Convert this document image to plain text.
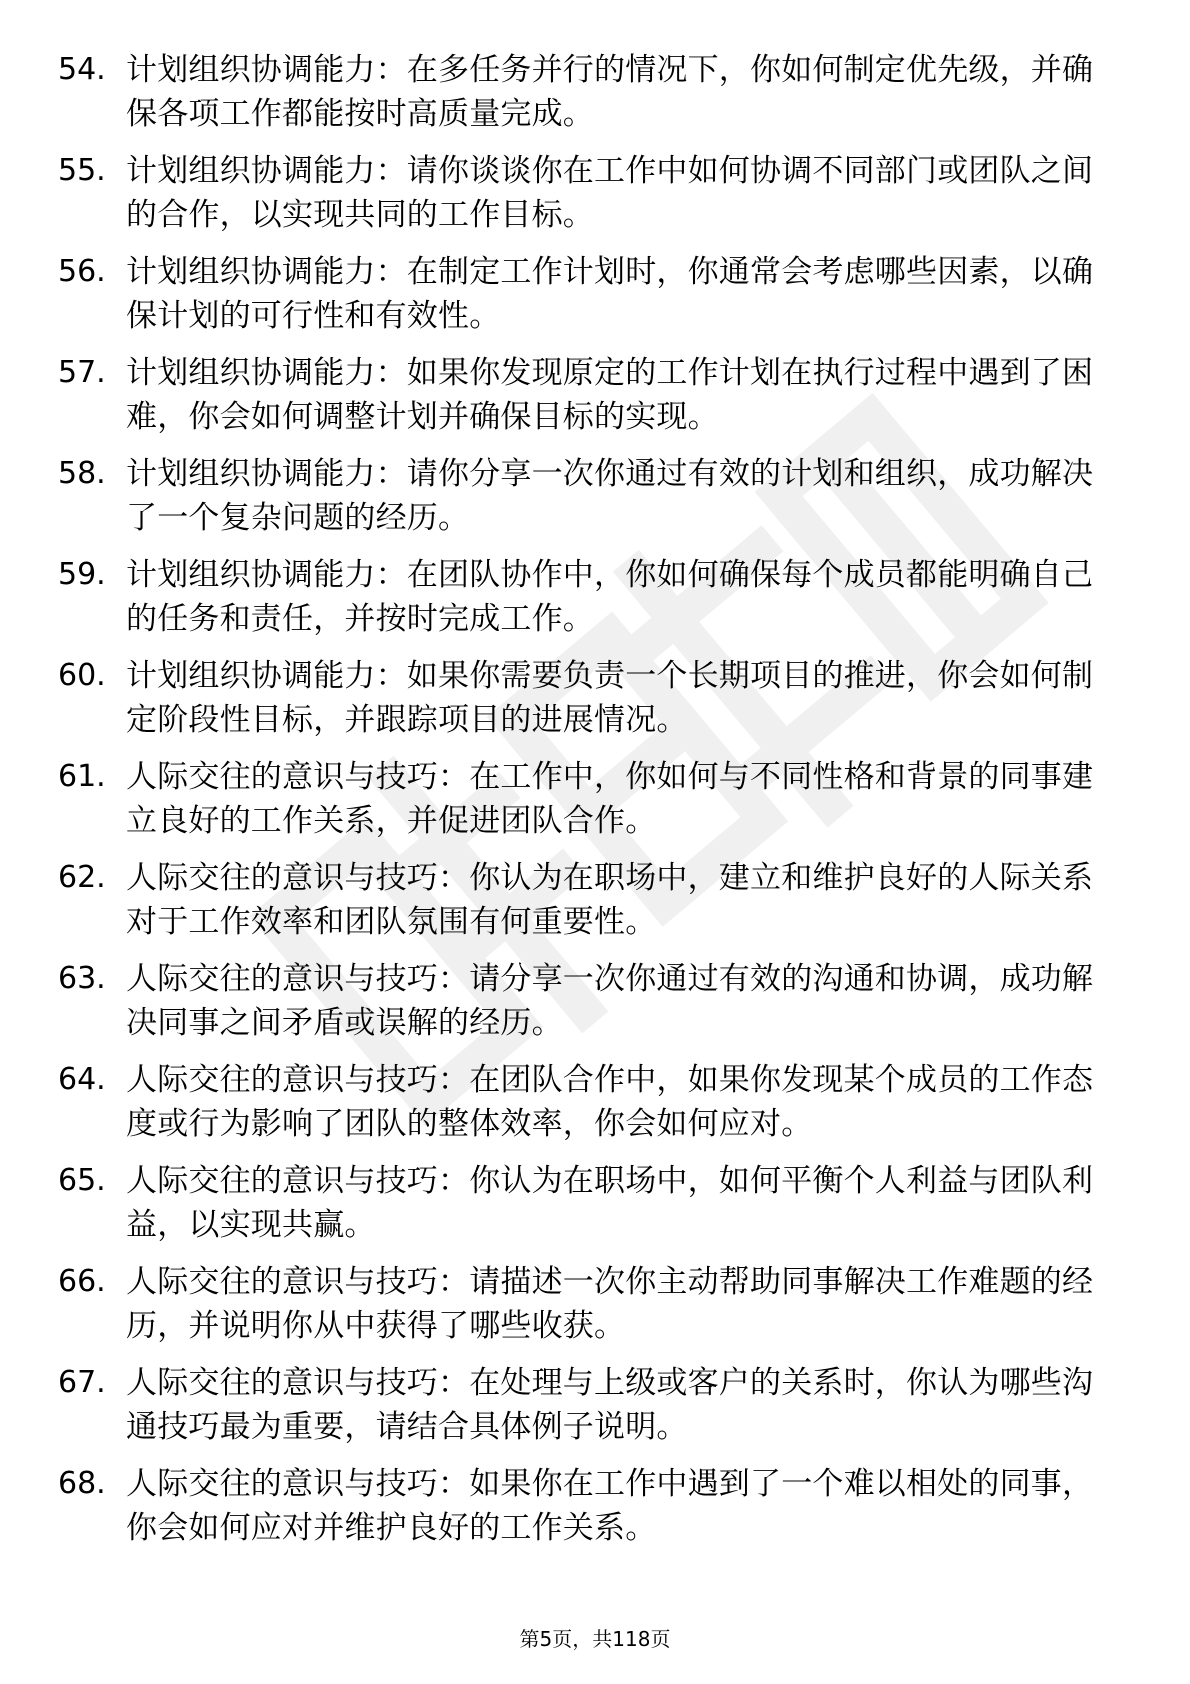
54. 计划组织协调能力：在多任务并行的情况下，你如何制定优先级，并确保各项工作都能按时高质量完成。
55. 计划组织协调能力：请你谈谈你在工作中如何协调不同部门或团队之间的合作，以实现共同的工作目标。
56. 计划组织协调能力：在制定工作计划时，你通常会考虑哪些因素，以确保计划的可行性和有效性。
57. 计划组织协调能力：如果你发现原定的工作计划在执行过程中遇到了困难，你会如何调整计划并确保目标的实现。
58. 计划组织协调能力：请你分享一次你通过有效的计划和组织，成功解决了一个复杂问题的经历。
59. 计划组织协调能力：在团队协作中，你如何确保每个成员都能明确自己的任务和责任，并按时完成工作。
60. 计划组织协调能力：如果你需要负责一个长期项目的推进，你会如何制定阶段性目标，并跟踪项目的进展情况。
61. 人际交往的意识与技巧：在工作中，你如何与不同性格和背景的同事建立良好的工作关系，并促进团队合作。
62. 人际交往的意识与技巧：你认为在职场中，建立和维护良好的人际关系对于工作效率和团队氛围有何重要性。
63. 人际交往的意识与技巧：请分享一次你通过有效的沟通和协调，成功解决同事之间矛盾或误解的经历。
64. 人际交往的意识与技巧：在团队合作中，如果你发现某个成员的工作态度或行为影响了团队的整体效率，你会如何应对。
65. 人际交往的意识与技巧：你认为在职场中，如何平衡个人利益与团队利益，以实现共赢。
66. 人际交往的意识与技巧：请描述一次你主动帮助同事解决工作难题的经历，并说明你从中获得了哪些收获。
67. 人际交往的意识与技巧：在处理与上级或客户的关系时，你认为哪些沟通技巧最为重要，请结合具体例子说明。
68. 人际交往的意识与技巧：如果你在工作中遇到了一个难以相处的同事，你会如何应对并维护良好的工作关系。
第5页，共118页
